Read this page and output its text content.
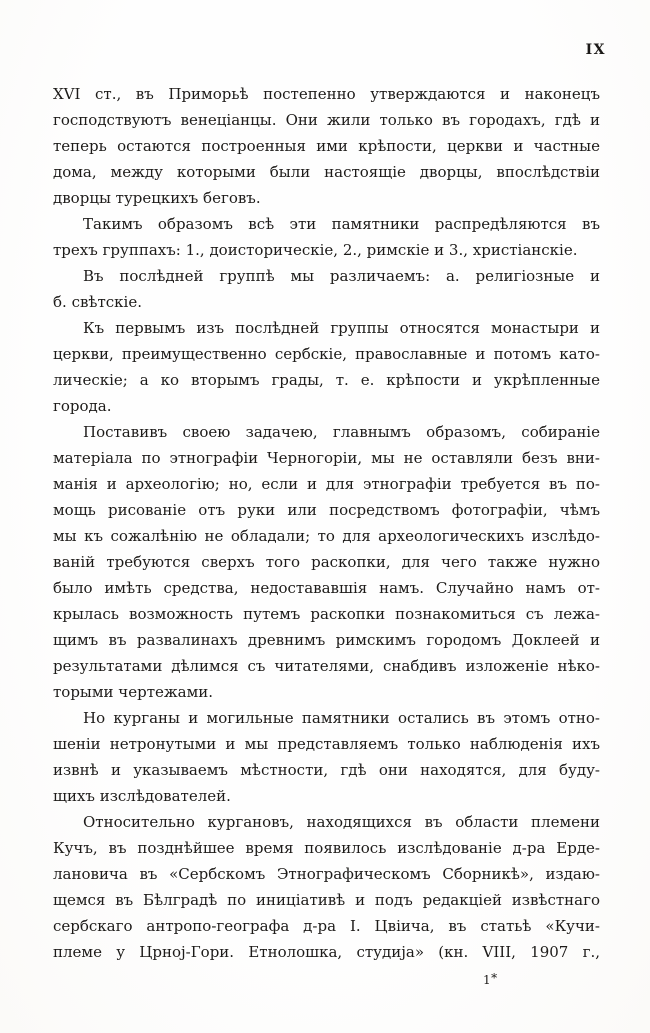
IX
XVI ст., въ Приморьѣ постепенно утверждаются и наконецъ
господствуютъ венеціанцы. Они жили только въ городахъ, гдѣ и
теперь остаются построенныя ими крѣпости, церкви и частные
дома, между которыми были настоящіе дворцы, впослѣдствіи
дворцы турецкихъ беговъ.
Такимъ образомъ всѣ эти памятники распредѣляются въ
трехъ группахъ: 1., доисторическіе, 2., римскіе и 3., христіанскіе.
Въ послѣдней группѣ мы различаемъ: а. религіозные и
б. свѣтскіе.
Къ первымъ изъ послѣдней группы относятся монастыри и
церкви, преимущественно сербскіе, православные и потомъ като-
лическіе; а ко вторымъ грады, т. е. крѣпости и укрѣпленные
города.
Поставивъ своею задачею, главнымъ образомъ, собираніе
матеріала по этнографіи Черногоріи, мы не оставляли безъ вни-
манія и археологію; но, если и для этнографіи требуется въ по-
мощь рисованіе отъ руки или посредствомъ фотографіи, чѣмъ
мы къ сожалѣнію не обладали; то для археологическихъ изслѣдо-
ваній требуются сверхъ того раскопки, для чего также нужно
было имѣть средства, недостававшія намъ. Случайно намъ от-
крылась возможность путемъ раскопки познакомиться съ лежа-
щимъ въ развалинахъ древнимъ римскимъ городомъ Доклеей и
результатами дѣлимся съ читателями, снабдивъ изложеніе нѣко-
торыми чертежами.
Но курганы и могильные памятники остались въ этомъ отно-
шеніи нетронутыми и мы представляемъ только наблюденія ихъ
извнѣ и указываемъ мѣстности, гдѣ они находятся, для буду-
щихъ изслѣдователей.
Относительно кургановъ, находящихся въ области племени
Кучъ, въ позднѣйшее время появилось изслѣдованіе д-ра Ерде-
лановича въ «Сербскомъ Этнографическомъ Сборникѣ», издаю-
щемся въ Бѣлградѣ по иниціативѣ и подъ редакціей извѣстнаго
сербскаго антропо-географа д-ра І. Цвіича, въ статьѣ «Кучи-
племе у Црноj-Гори. Етнолошка, студиjа» (кн. VIII, 1907 г.,
1*
